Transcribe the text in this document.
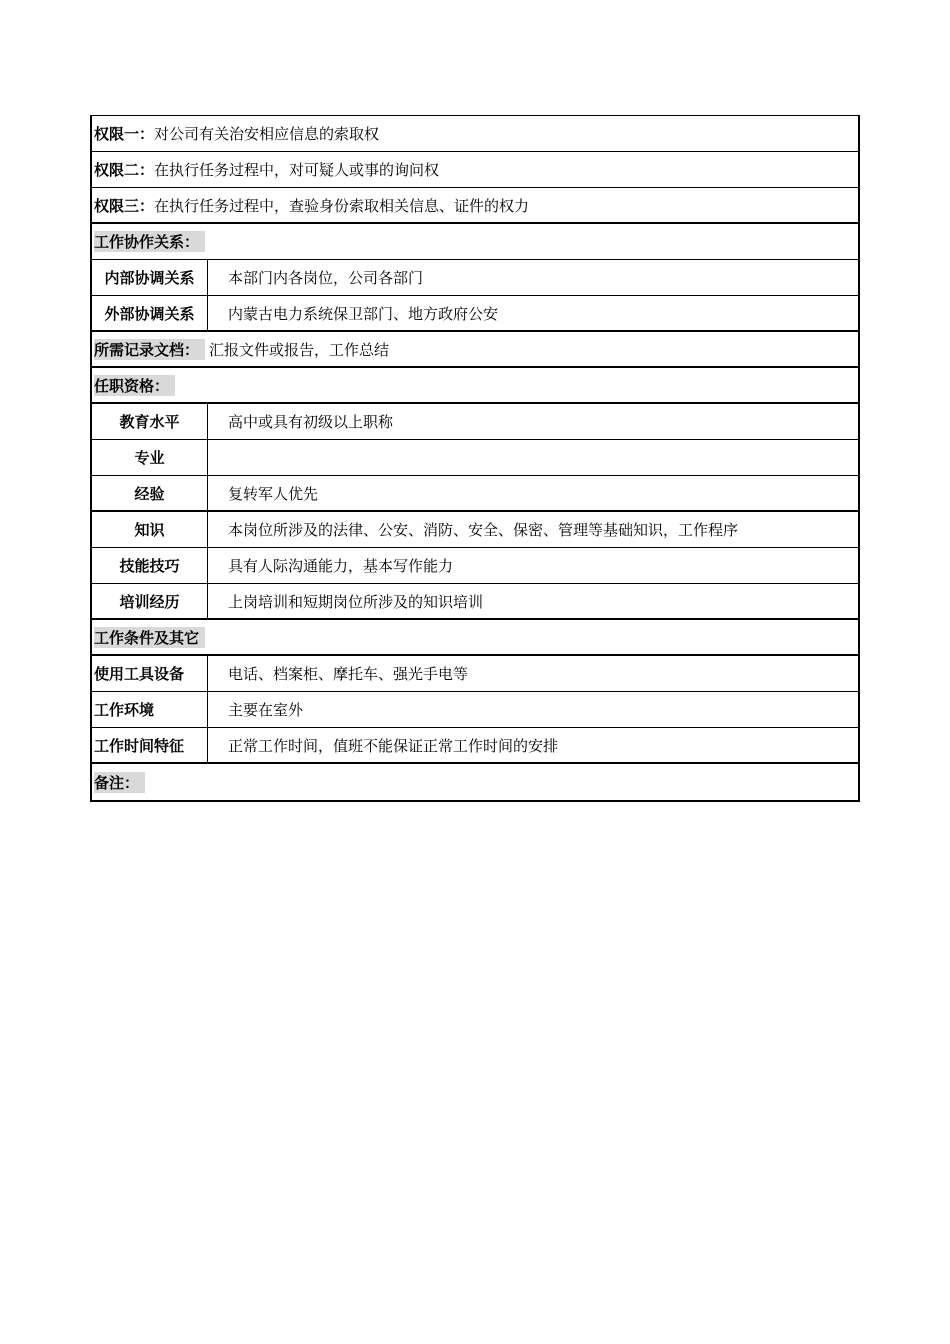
权限一： 对公司有关治安相应信息的索取权
权限二： 在执行任务过程中，对可疑人或事的询问权
权限三： 在执行任务过程中，查验身份索取相关信息、证件的权力
工作协作关系：
内部协调关系	本部门内各岗位，公司各部门
外部协调关系	内蒙古电力系统保卫部门、地方政府公安
所需记录文档： 汇报文件或报告，工作总结
任职资格：
教育水平	高中或具有初级以上职称
专业
经验	复转军人优先
知识	本岗位所涉及的法律、公安、消防、安全、保密、管理等基础知识，工作程序
技能技巧	具有人际沟通能力，基本写作能力
培训经历	上岗培训和短期岗位所涉及的知识培训
工作条件及其它
使用工具设备	电话、档案柜、摩托车、强光手电等
工作环境	主要在室外
工作时间特征	正常工作时间，值班不能保证正常工作时间的安排
备注：
